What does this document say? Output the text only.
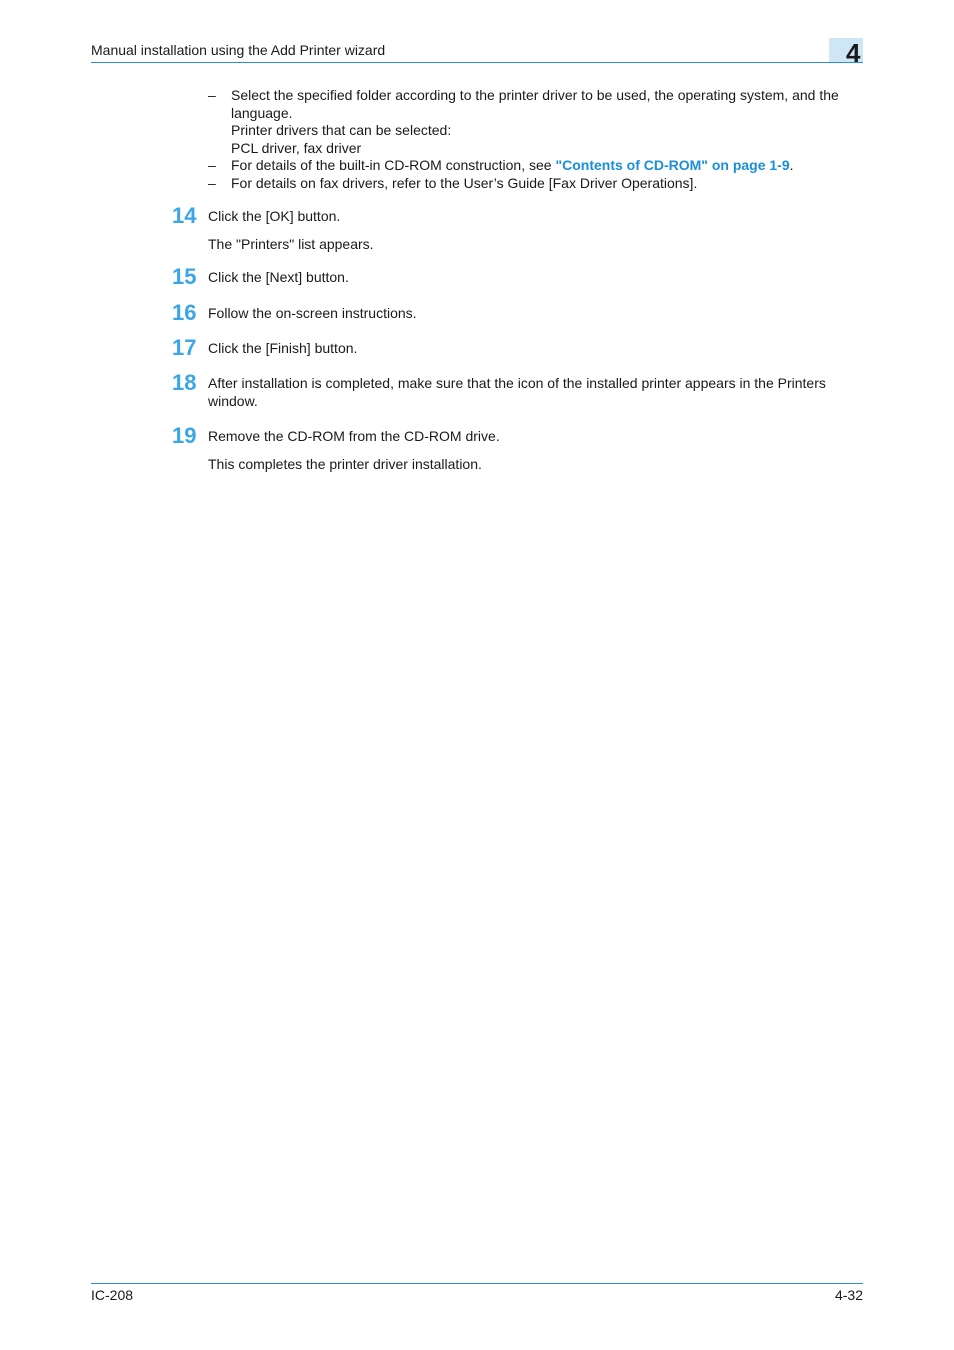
Manual installation using the Add Printer wizard	4
– Select the specified folder according to the printer driver to be used, the operating system, and the
language.
Printer drivers that can be selected:
PCL driver, fax driver
– For details of the built-in CD-ROM construction, see "Contents of CD-ROM" on page 1-9.
– For details on fax drivers, refer to the User’s Guide [Fax Driver Operations].
14 Click the [OK] button.
The "Printers" list appears.
15 Click the [Next] button.
16 Follow the on-screen instructions.
17 Click the [Finish] button.
18 After installation is completed, make sure that the icon of the installed printer appears in the Printers window.
19 Remove the CD-ROM from the CD-ROM drive.
This completes the printer driver installation.
IC-208	4-32
